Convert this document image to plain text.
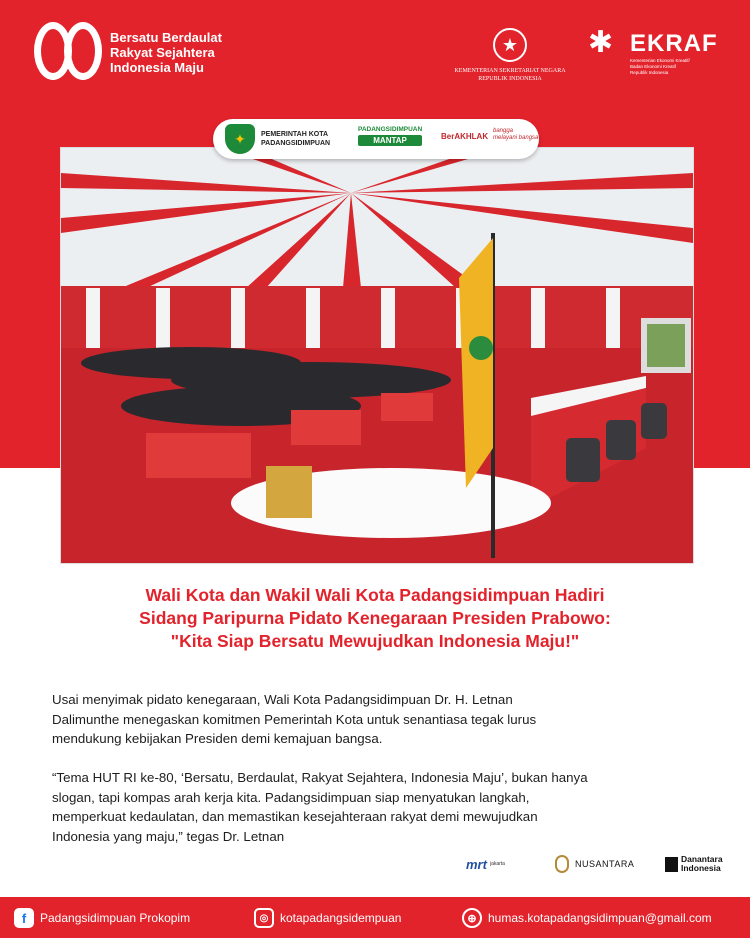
Bersatu Berdaulat
Rakyat Sejahtera
Indonesia Maju
★
KEMENTERIAN SEKRETARIAT NEGARA
REPUBLIK INDONESIA
✱ EKRAF
Kementerian Ekonomi Kreatif/
Badan Ekonomi Kreatif
Republik Indonesia
✦	PEMERINTAH KOTA
PADANGSIDIMPUAN
PADANGSIDIMPUAN
MANTAP	BerAKHLAK
bangga
melayani bangsa
Wali Kota dan Wakil Wali Kota Padangsidimpuan Hadiri
Sidang Paripurna Pidato Kenegaraan Presiden Prabowo:
"Kita Siap Bersatu Mewujudkan Indonesia Maju!"
Usai menyimak pidato kenegaraan, Wali Kota Padangsidimpuan Dr. H. Letnan
Dalimunthe menegaskan komitmen Pemerintah Kota untuk senantiasa tegak lurus
mendukung kebijakan Presiden demi kemajuan bangsa.
“Tema HUT RI ke-80, ‘Bersatu, Berdaulat, Rakyat Sejahtera, Indonesia Maju’, bukan hanya
slogan, tapi kompas arah kerja kita. Padangsidimpuan siap menyatukan langkah,
memperkuat kedaulatan, dan memastikan kesejahteraan rakyat demi mewujudkan
Indonesia yang maju,” tegas Dr. Letnan
mrt jakarta	NUSANTARA	Danantara
Indonesia
f	Padangsidimpuan Prokopim	◎ kotapadangsidempuan	⊕ humas.kotapadangsidimpuan@gmail.com
